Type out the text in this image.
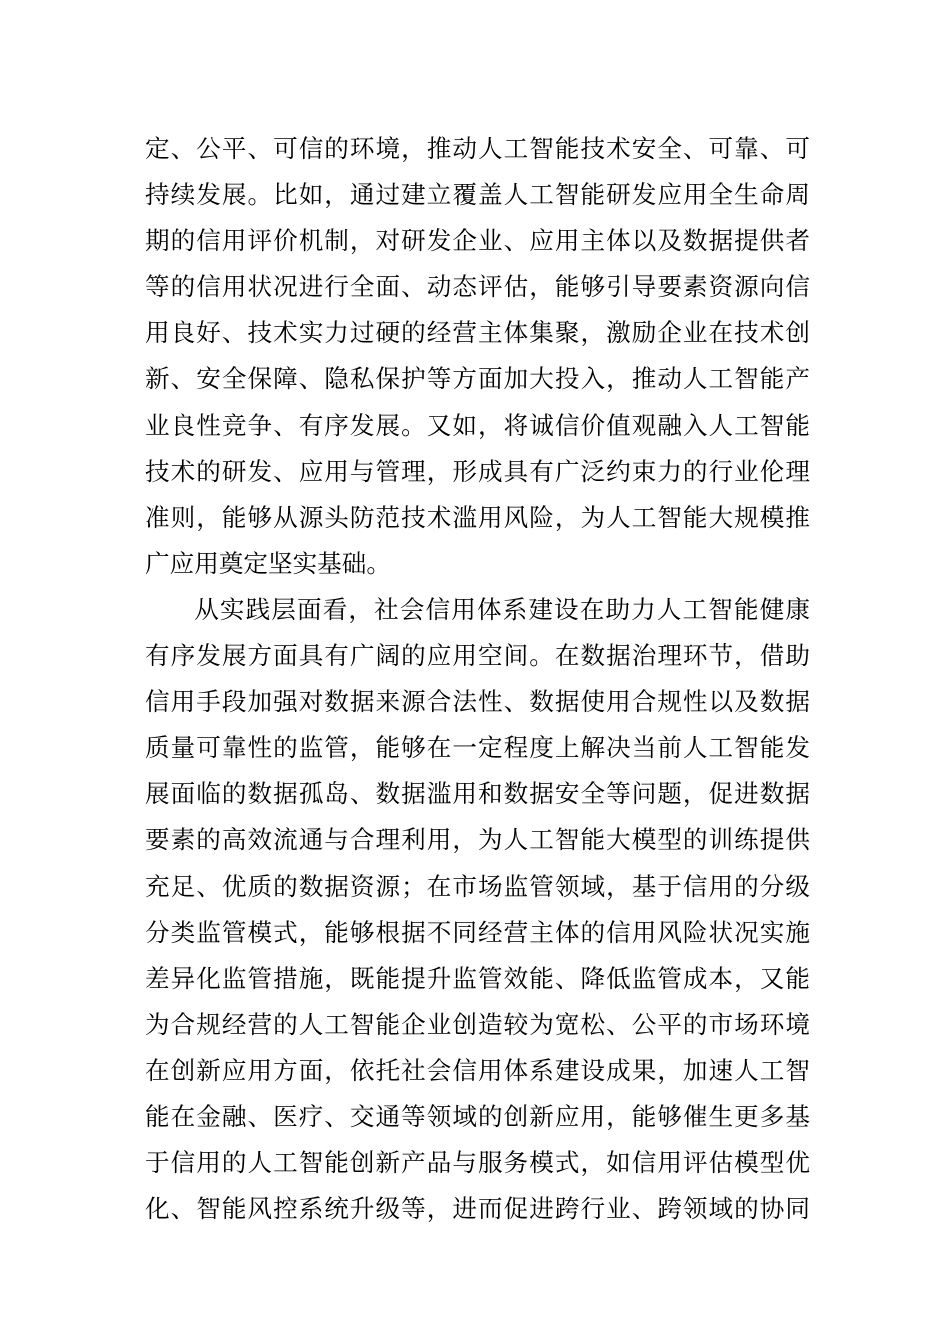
定、公平、可信的环境，推动人工智能技术安全、可靠、可
持续发展。比如，通过建立覆盖人工智能研发应用全生命周
期的信用评价机制，对研发企业、应用主体以及数据提供者
等的信用状况进行全面、动态评估，能够引导要素资源向信
用良好、技术实力过硬的经营主体集聚，激励企业在技术创
新、安全保障、隐私保护等方面加大投入，推动人工智能产
业良性竞争、有序发展。又如，将诚信价值观融入人工智能
技术的研发、应用与管理，形成具有广泛约束力的行业伦理
准则，能够从源头防范技术滥用风险，为人工智能大规模推
广应用奠定坚实基础。
从实践层面看，社会信用体系建设在助力人工智能健康
有序发展方面具有广阔的应用空间。在数据治理环节，借助
信用手段加强对数据来源合法性、数据使用合规性以及数据
质量可靠性的监管，能够在一定程度上解决当前人工智能发
展面临的数据孤岛、数据滥用和数据安全等问题，促进数据
要素的高效流通与合理利用，为人工智能大模型的训练提供
充足、优质的数据资源；在市场监管领域，基于信用的分级
分类监管模式，能够根据不同经营主体的信用风险状况实施
差异化监管措施，既能提升监管效能、降低监管成本，又能
为合规经营的人工智能企业创造较为宽松、公平的市场环境
在创新应用方面，依托社会信用体系建设成果，加速人工智
能在金融、医疗、交通等领域的创新应用，能够催生更多基
于信用的人工智能创新产品与服务模式，如信用评估模型优
化、智能风控系统升级等，进而促进跨行业、跨领域的协同
